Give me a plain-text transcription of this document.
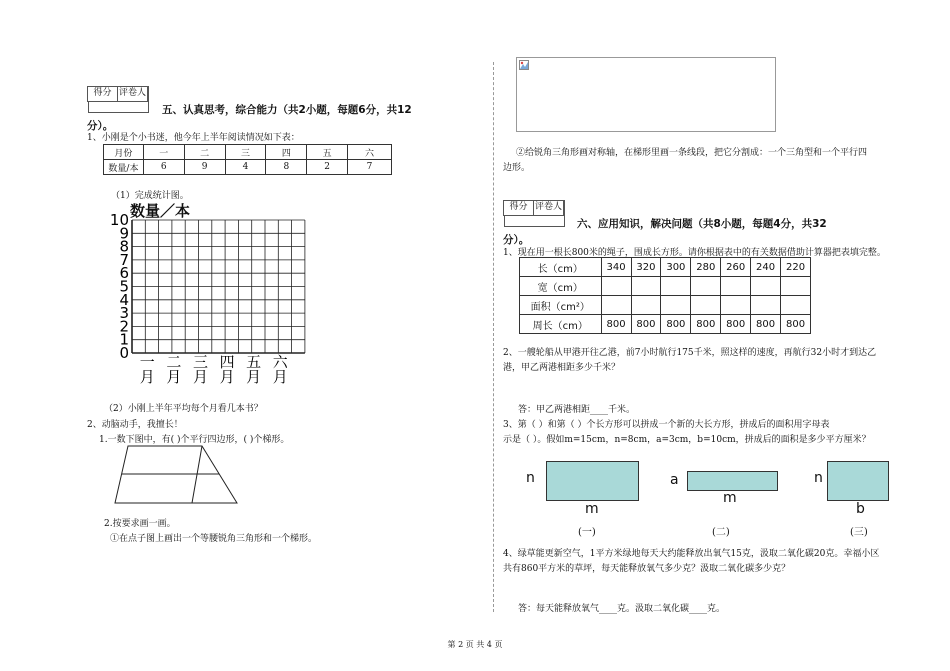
得分 评卷人
五、认真思考，综合能力（共2小题，每题6分，共12
分）。
1、小刚是个小书迷，他今年上半年阅读情况如下表：
月份	一	二	三	四	五	六
数量/本	6	9	4	8	2	7
（1）完成统计图。
数量／本
10
9
8
7
6
5
4
3
2
1
0 一
月
二
月
三
月
四
月
五
月
六
月
（2）小刚上半年平均每个月看几本书？
2、动脑动手，我擅长！
1.一数下图中，有( )个平行四边形，( )个梯形。
2.按要求画一画。
①在点子图上画出一个等腰锐角三角形和一个梯形。
②给锐角三角形画对称轴，在梯形里画一条线段，把它分割成：一个三角型和一个平行四
边形。
得分 评卷人
六、应用知识，解决问题（共8小题，每题4分，共32
分）。
1、现在用一根长800米的绳子，围成长方形。请你根据表中的有关数据借助计算器把表填完整。
长（cm）	340	320	300	280	260	240	220
宽（cm）							
面积（cm²）							
周长（cm）	800	800	800	800	800	800	800
2、一艘轮船从甲港开往乙港，前7小时航行175千米，照这样的速度，再航行32小时才到达乙
港，甲乙两港相距多少千米？
答：甲乙两港相距____千米。
3、第（ ）和第（ ）个长方形可以拼成一个新的大长方形，拼成后的面积用字母表
示是（ ）。假如m=15cm，n=8cm，a=3cm，b=10cm，拼成后的面积是多少平方厘米？
n
m
(一)
a
m
(二)
n
b
(三)
4、绿草能更新空气，1平方米绿地每天大约能释放出氧气15克，汲取二氧化碳20克。幸福小区
共有860平方米的草坪，每天能释放氧气多少克？汲取二氧化碳多少克？
答：每天能释放氧气____克。汲取二氧化碳____克。
第 2 页 共 4 页
